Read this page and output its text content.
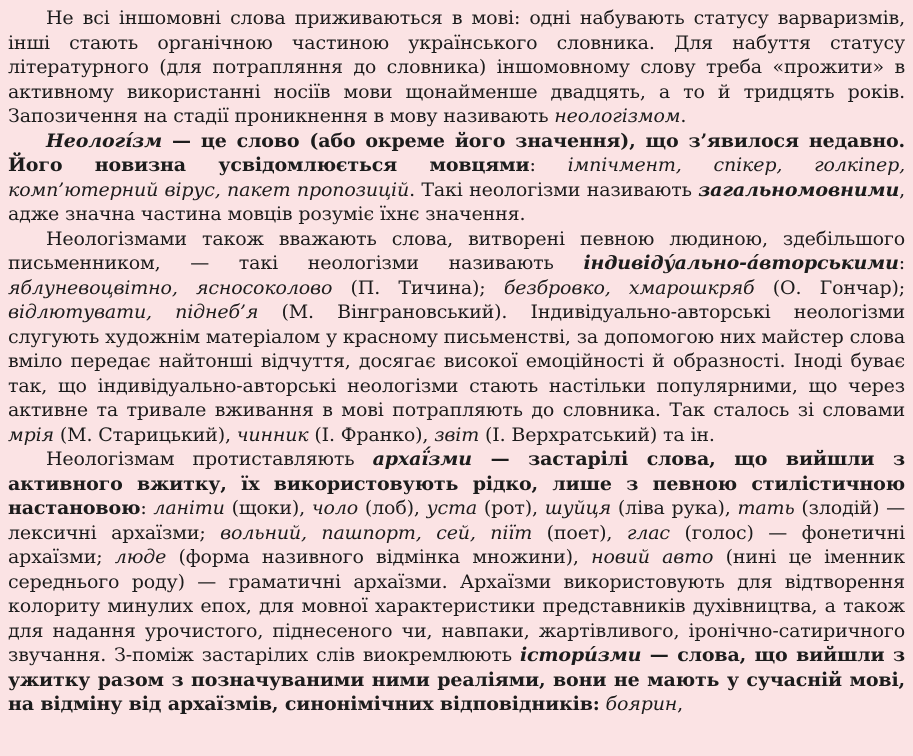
Не всі іншомовні слова приживаються в мові: одні набувають статусу варваризмів, інші стають органічною частиною українського словника. Для набуття статусу літературного (для потрапляння до словника) іншомовному слову треба «прожити» в активному використанні носіїв мови щонайменше двадцять, а то й тридцять років. Запозичення на стадії проникнення в мову називають неологізмом.

Неологі́зм — це слово (або окреме його значення), що з’явилося недавно. Його новизна усвідомлюється мовцями: імпічмент, спікер, голкіпер, комп’ютерний вірус, пакет пропозицій. Такі неологізми називають загальномовними, адже значна частина мовців розуміє їхнє значення.

Неологізмами також вважають слова, витворені певною людиною, здебільшого письменником, — такі неологізми називають індивіду́ально-а́вторськими: яблуневоцвітно, ясносоколово (П. Тичина); безбровко, хмарошкряб (О. Гончар); відлютувати, піднеб’я (М. Вінграновський). Індивідуально-авторські неологізми слугують художнім матеріалом у красному письменстві, за допомогою них майстер слова вміло передає найтонші відчуття, досягає високої емоційності й образності. Іноді буває так, що індивідуально-авторські неологізми стають настільки популярними, що через активне та тривале вживання в мові потрапляють до словника. Так сталось зі словами мрія (М. Старицький), чинник (І. Франко), звіт (І. Верхратський) та ін.

Неологізмам протиставляють архаї́зми — застарілі слова, що вийшли з активного вжитку, їх використовують рідко, лише з певною стилістичною настановою: ланіти (щоки), чоло (лоб), уста (рот), шуйця (ліва рука), тать (злодій) — лексичні архаїзми; вольний, пашпорт, сей, піїт (поет), глас (голос) — фонетичні архаїзми; люде (форма називного відмінка множини), новий авто (нині це іменник середнього роду) — граматичні архаїзми. Архаїзми використовують для відтворення колориту минулих епох, для мовної характеристики представників духівництва, а також для надання урочистого, піднесеного чи, навпаки, жартівливого, іронічно-сатиричного звучання. З-поміж застарілих слів виокремлюють істори́зми — слова, що вийшли з ужитку разом з позначуваними ними реаліями, вони не мають у сучасній мові, на відміну від архаїзмів, синонімічних відповідників: боярин,
